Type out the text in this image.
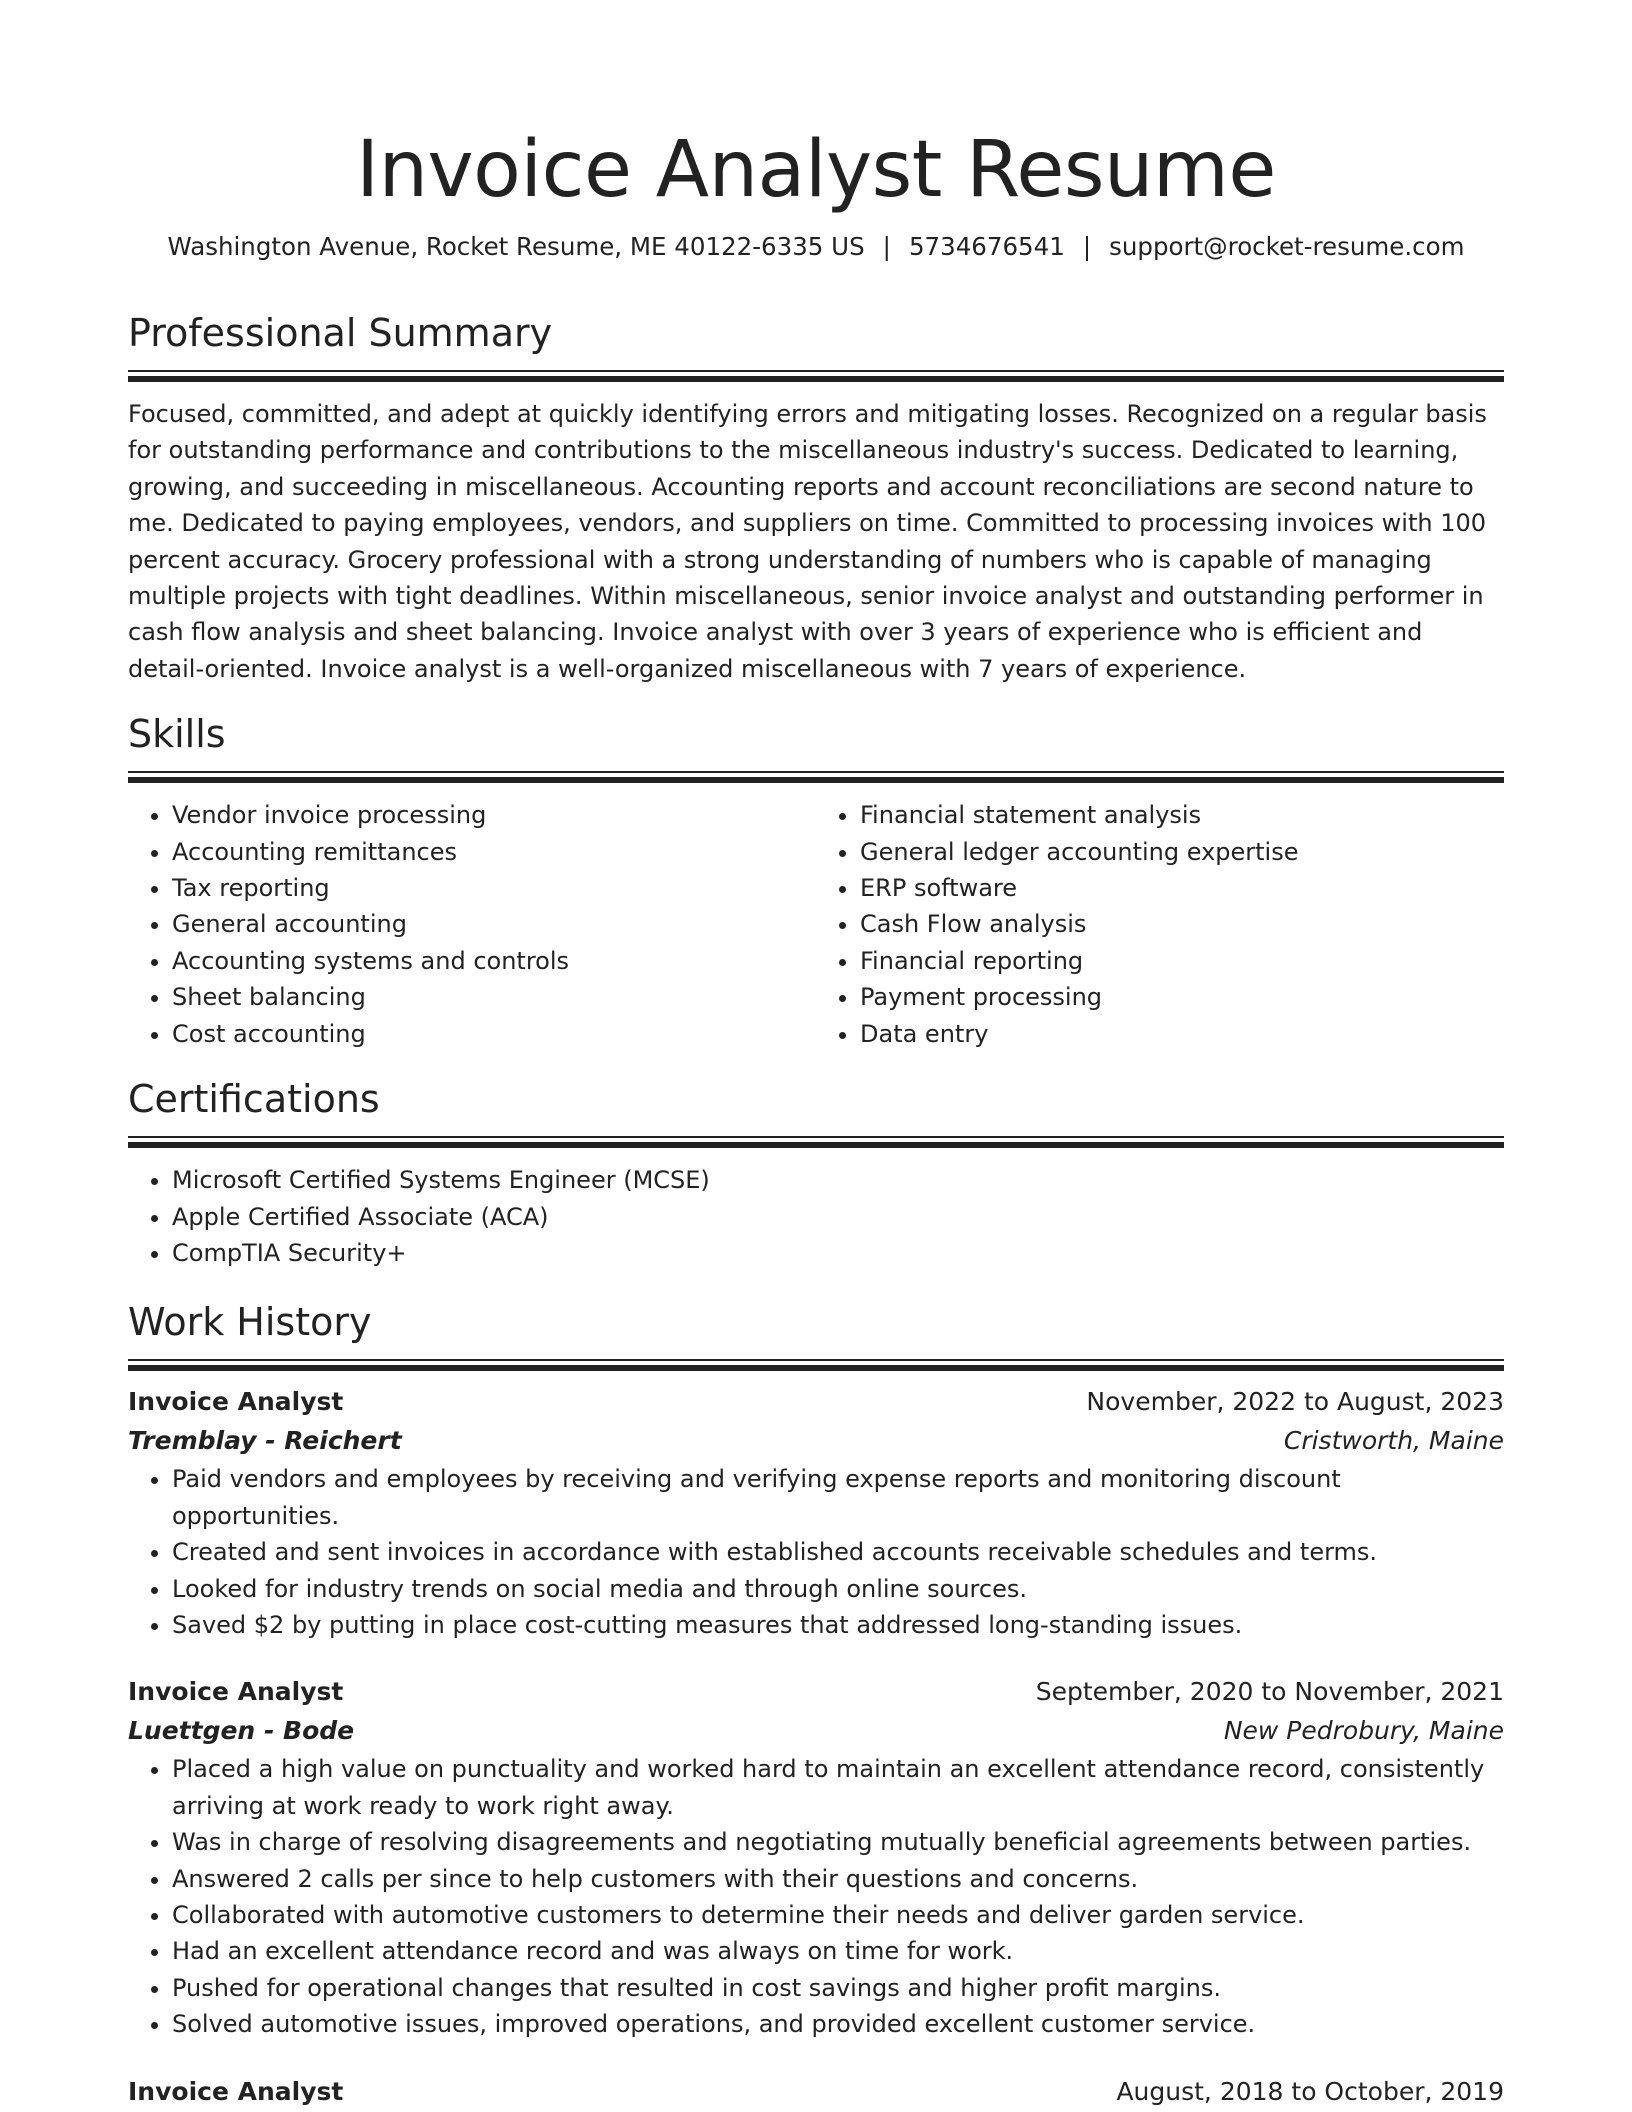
Invoice Analyst Resume
Washington Avenue, Rocket Resume, ME 40122-6335 US | 5734676541 | support@rocket-resume.com
Professional Summary

Focused, committed, and adept at quickly identifying errors and mitigating losses. Recognized on a regular basis for outstanding performance and contributions to the miscellaneous industry's success. Dedicated to learning, growing, and succeeding in miscellaneous. Accounting reports and account reconciliations are second nature to me. Dedicated to paying employees, vendors, and suppliers on time. Committed to processing invoices with 100 percent accuracy. Grocery professional with a strong understanding of numbers who is capable of managing multiple projects with tight deadlines. Within miscellaneous, senior invoice analyst and outstanding performer in cash flow analysis and sheet balancing. Invoice analyst with over 3 years of experience who is efficient and detail-oriented. Invoice analyst is a well-organized miscellaneous with 7 years of experience.

Skills
• Vendor invoice processing
• Accounting remittances
• Tax reporting
• General accounting
• Accounting systems and controls
• Sheet balancing
• Cost accounting
• Financial statement analysis
• General ledger accounting expertise
• ERP software
• Cash Flow analysis
• Financial reporting
• Payment processing
• Data entry
Certifications
• Microsoft Certified Systems Engineer (MCSE)
• Apple Certified Associate (ACA)
• CompTIA Security+
Work History
Invoice Analyst	November, 2022 to August, 2023
Tremblay - Reichert	Cristworth, Maine
• Paid vendors and employees by receiving and verifying expense reports and monitoring discount opportunities.
• Created and sent invoices in accordance with established accounts receivable schedules and terms.
• Looked for industry trends on social media and through online sources.
• Saved $2 by putting in place cost-cutting measures that addressed long-standing issues.
Invoice Analyst	September, 2020 to November, 2021
Luettgen - Bode	New Pedrobury, Maine
• Placed a high value on punctuality and worked hard to maintain an excellent attendance record, consistently arriving at work ready to work right away.
• Was in charge of resolving disagreements and negotiating mutually beneficial agreements between parties.
• Answered 2 calls per since to help customers with their questions and concerns.
• Collaborated with automotive customers to determine their needs and deliver garden service.
• Had an excellent attendance record and was always on time for work.
• Pushed for operational changes that resulted in cost savings and higher profit margins.
• Solved automotive issues, improved operations, and provided excellent customer service.
Invoice Analyst	August, 2018 to October, 2019
